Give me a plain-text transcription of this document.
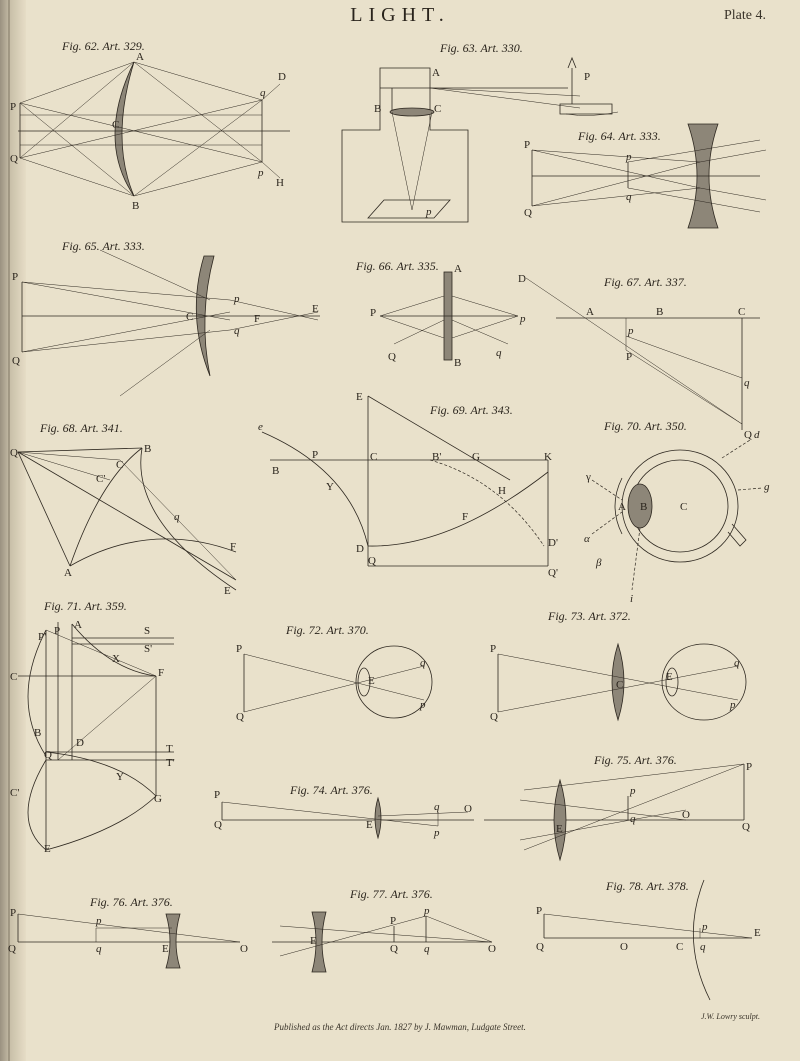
LIGHT.	Plate 4.
Fig. 62. Art. 329.
A
B
C
D
H
P
Q
p
q
Fig. 63. Art. 330.
A
B	C
P
p
Fig. 64. Art. 333.
P
Q
p
q
Fig. 65. Art. 333.
P
Q
C	F
E
p
q
Fig. 66. Art. 335. A
B
P
Q
p
q
Fig. 67. Art. 337.
D
A	B	C
p
P
q
Q
Fig. 68. Art. 341.
Q	B
C
C'
q
F
A
E
Fig. 69. Art. 343.
E
e
B
P	C	B'	G	K
Y	H
F
D	D'
Q
Q'
Fig. 70. Art. 350.
γ
d
A B	C
g
α
β
i
Fig. 71. Art. 359.
P' P A	S
S'
X
F
C
B
Q
D	T
T'
Y
C'	G
E
Fig. 72. Art. 370.
P
Q
E
q
p
Fig. 73. Art. 372.
P
Q
C
E
q
p
Fig. 74. Art. 376.
P
Q	E
q
p
O
Fig. 75. Art. 376.	P
p
E
q	O
Q
Fig. 76. Art. 376.
P
p
Q	q	E	O
Fig. 77. Art. 376.
E
P
p
Q q	O
Fig. 78. Art. 378.
P
Q	O	C
p
q
E
Published as the Act directs Jan. 1827 by J. Mawman, Ludgate Street.
J.W. Lowry sculpt.
